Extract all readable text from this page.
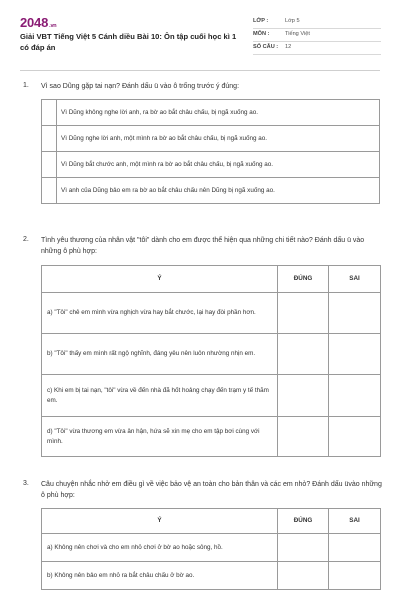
2048.vn
Giải VBT Tiếng Việt 5 Cánh diều Bài 10: Ôn tập cuối học kì 1 có đáp án
LỚP :	Lớp 5
MÔN :	Tiếng Việt
SỐ CÂU : 12
1. Vì sao Dũng gặp tai nạn? Đánh dấu ü vào ô trống trước ý đúng:
	Vì Dũng không nghe lời anh, ra bờ ao bắt châu chấu, bị ngã xuống ao.
	Vì Dũng nghe lời anh, một mình ra bờ ao bắt châu chấu, bị ngã xuống ao.
	Vì Dũng bắt chước anh, một mình ra bờ ao bắt châu chấu, bị ngã xuống ao.
	Vì anh của Dũng bảo em ra bờ ao bắt châu chấu nên Dũng bị ngã xuống ao.
2. Tình yêu thương của nhân vật "tôi" dành cho em được thể hiện qua những chi tiết nào? Đánh dấu ü vào những ô phù hợp:
Ý	ĐÚNG	SAI
a) "Tôi" chê em mình vừa nghịch vừa hay bắt chước, lại hay đòi phần hơn.		
b) "Tôi" thấy em mình rất ngộ nghĩnh, đáng yêu nên luôn nhường nhịn em.		
c) Khi em bị tai nạn, "tôi" vừa về đến nhà đã hốt hoảng chạy đến trạm y tế thăm em.		
d) "Tôi" vừa thương em vừa ân hận, hứa sẽ xin mẹ cho em tập bơi cùng với mình.		
3. Câu chuyện nhắc nhở em điều gì về việc bảo vệ an toàn cho bản thân và các em nhỏ? Đánh dấu üvào những ô phù hợp:
Ý	ĐÚNG	SAI
a) Không nên chơi và cho em nhỏ chơi ở bờ ao hoặc sông, hồ.		
b) Không nên bảo em nhỏ ra bắt châu chấu ở bờ ao.		
